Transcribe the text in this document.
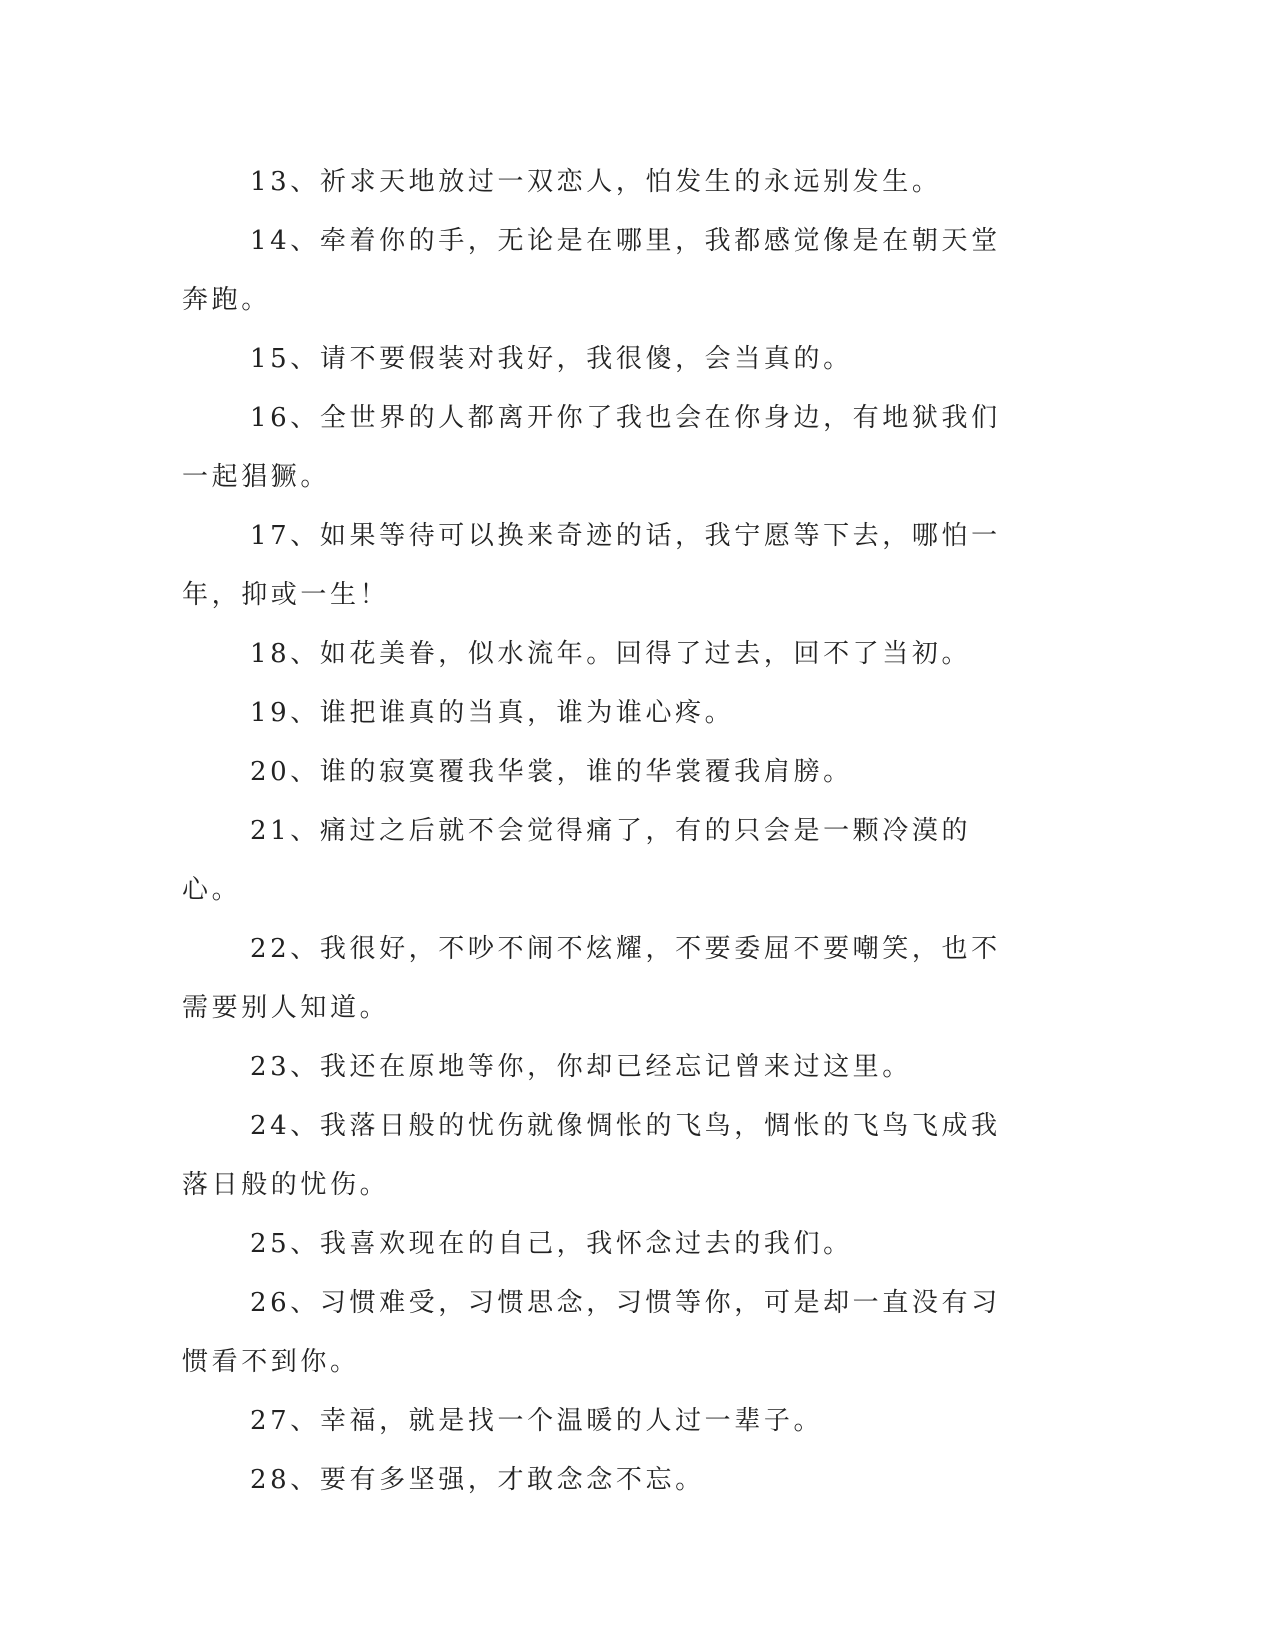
13、祈求天地放过一双恋人，怕发生的永远别发生。

14、牵着你的手，无论是在哪里，我都感觉像是在朝天堂奔跑。

15、请不要假装对我好，我很傻，会当真的。

16、全世界的人都离开你了我也会在你身边，有地狱我们一起猖獗。

17、如果等待可以换来奇迹的话，我宁愿等下去，哪怕一年，抑或一生！

18、如花美眷，似水流年。回得了过去，回不了当初。

19、谁把谁真的当真，谁为谁心疼。

20、谁的寂寞覆我华裳，谁的华裳覆我肩膀。

21、痛过之后就不会觉得痛了，有的只会是一颗冷漠的心。

22、我很好，不吵不闹不炫耀，不要委屈不要嘲笑，也不需要别人知道。

23、我还在原地等你，你却已经忘记曾来过这里。

24、我落日般的忧伤就像惆怅的飞鸟，惆怅的飞鸟飞成我落日般的忧伤。

25、我喜欢现在的自己，我怀念过去的我们。

26、习惯难受，习惯思念，习惯等你，可是却一直没有习惯看不到你。

27、幸福，就是找一个温暖的人过一辈子。

28、要有多坚强，才敢念念不忘。
